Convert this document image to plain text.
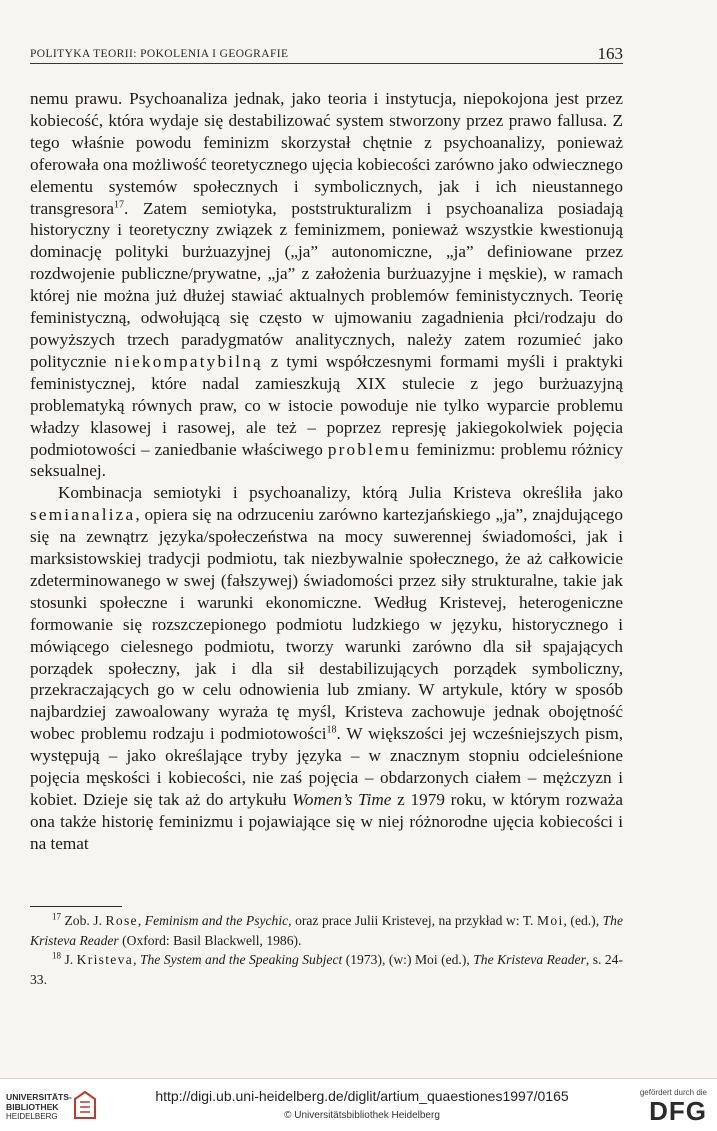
POLITYKA TEORII: POKOLENIA I GEOGRAFIE	163

nemu prawu. Psychoanaliza jednak, jako teoria i instytucja, niepokojona jest przez kobiecość, która wydaje się destabilizować system stworzony przez prawo fallusa. Z tego właśnie powodu feminizm skorzystał chętnie z psychoanalizy, ponieważ oferowała ona możliwość teoretycznego ujęcia kobiecości zarówno jako odwiecznego elementu systemów społecznych i symbolicznych, jak i ich nieustannego transgresora$^{17}$. Zatem semiotyka, poststrukturalizm i psychoanaliza posiadają historyczny i teoretyczny związek z feminizmem, ponieważ wszystkie kwestionują dominację polityki burżuazyjnej („ja” autonomiczne, „ja” definiowane przez rozdwojenie publiczne/prywatne, „ja” z założenia burżuazyjne i męskie), w ramach której nie można już dłużej stawiać aktualnych problemów feministycznych. Teorię feministyczną, odwołującą się często w ujmowaniu zagadnienia płci/rodzaju do powyższych trzech paradygmatów analitycznych, należy zatem rozumieć jako politycznie niekompatybilną z tymi współczesnymi formami myśli i praktyki feministycznej, które nadal zamieszkują XIX stulecie z jego burżuazyjną problematyką równych praw, co w istocie powoduje nie tylko wyparcie problemu władzy klasowej i rasowej, ale też – poprzez represję jakiegokolwiek pojęcia podmiotowości – zaniedbanie właściwego problemu feminizmu: problemu różnicy seksualnej.

Kombinacja semiotyki i psychoanalizy, którą Julia Kristeva określiła jako semianaliza, opiera się na odrzuceniu zarówno kartezjańskiego „ja”, znajdującego się na zewnątrz języka/społeczeństwa na mocy suwerennej świadomości, jak i marksistowskiej tradycji podmiotu, tak niezbywalnie społecznego, że aż całkowicie zdeterminowanego w swej (fałszywej) świadomości przez siły strukturalne, takie jak stosunki społeczne i warunki ekonomiczne. Według Kristevej, heterogeniczne formowanie się rozszczepionego podmiotu ludzkiego w języku, historycznego i mówiącego cielesnego podmiotu, tworzy warunki zarówno dla sił spajających porządek społeczny, jak i dla sił destabilizujących porządek symboliczny, przekraczających go w celu odnowienia lub zmiany. W artykule, który w sposób najbardziej zawoalowany wyraża tę myśl, Kristeva zachowuje jednak obojętność wobec problemu rodzaju i podmiotowości$^{18}$. W większości jej wcześniejszych pism, występują – jako określające tryby języka – w znacznym stopniu odcieleśnione pojęcia męskości i kobiecości, nie zaś pojęcia – obdarzonych ciałem – mężczyzn i kobiet. Dzieje się tak aż do artykułu Women’s Time z 1979 roku, w którym rozważa ona także historię feminizmu i pojawiające się w niej różnorodne ujęcia kobiecości i na temat

$^{17}$ Zob. J. Rose, Feminism and the Psychic, oraz prace Julii Kristevej, na przykład w: T. Moi, (ed.), The Kristeva Reader (Oxford: Basil Blackwell, 1986).

$^{18}$ J. Kristeva, The System and the Speaking Subject (1973), (w:) Moi (ed.), The Kristeva Reader, s. 24-33.

UNIVERSITÄTS-
BIBLIOTHEK
HEIDELBERG
http://digi.ub.uni-heidelberg.de/diglit/artium_quaestiones1997/0165
© Universitätsbibliothek Heidelberg
gefördert durch die
DFG
